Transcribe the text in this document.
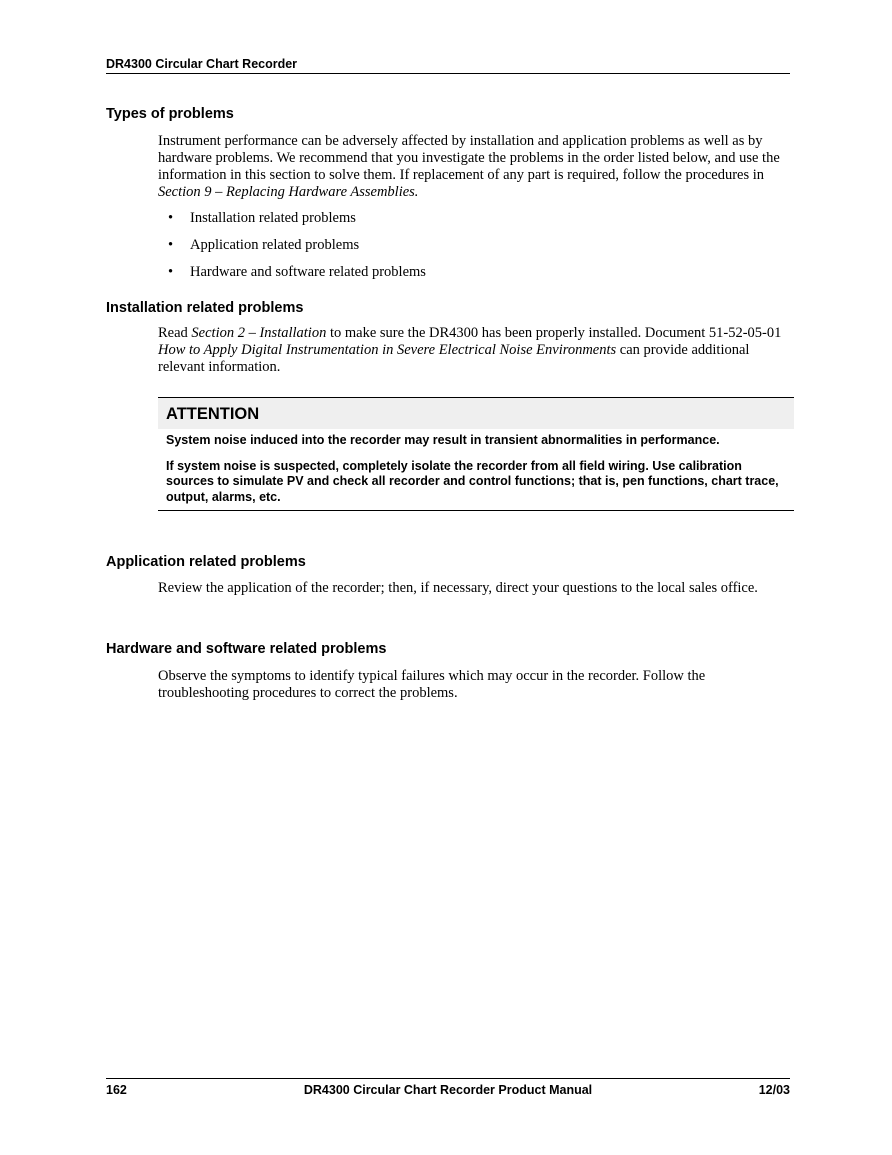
DR4300 Circular Chart Recorder
Types of problems

Instrument performance can be adversely affected by installation and application problems as well as by hardware problems. We recommend that you investigate the problems in the order listed below, and use the information in this section to solve them. If replacement of any part is required, follow the procedures in Section 9 – Replacing Hardware Assemblies.

• Installation related problems
• Application related problems
• Hardware and software related problems
Installation related problems

Read Section 2 – Installation to make sure the DR4300 has been properly installed. Document 51-52-05-01 How to Apply Digital Instrumentation in Severe Electrical Noise Environments can provide additional relevant information.

ATTENTION

System noise induced into the recorder may result in transient abnormalities in performance.

If system noise is suspected, completely isolate the recorder from all field wiring. Use calibration sources to simulate PV and check all recorder and control functions; that is, pen functions, chart trace, output, alarms, etc.

Application related problems

Review the application of the recorder; then, if necessary, direct your questions to the local sales office.

Hardware and software related problems

Observe the symptoms to identify typical failures which may occur in the recorder. Follow the troubleshooting procedures to correct the problems.

162	DR4300 Circular Chart Recorder Product Manual	12/03
